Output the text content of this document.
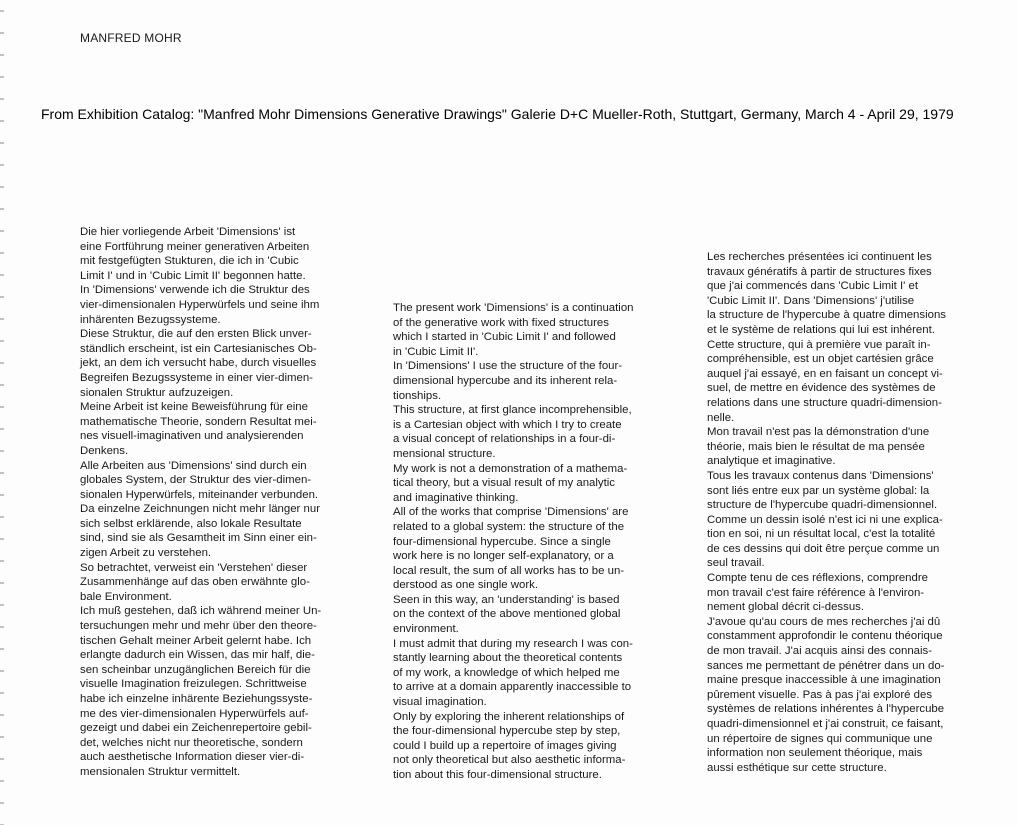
MANFRED MOHR
From Exhibition Catalog: "Manfred Mohr Dimensions Generative Drawings" Galerie D+C Mueller-Roth, Stuttgart, Germany, March 4 - April 29, 1979

Die hier vorliegende Arbeit 'Dimensions' ist

eine Fortführung meiner generativen Arbeiten

mit festgefügten Stukturen, die ich in 'Cubic

Limit I' und in 'Cubic Limit II' begonnen hatte.

In 'Dimensions' verwende ich die Struktur des

vier-dimensionalen Hyperwürfels und seine ihm

inhärenten Bezugssysteme.

Diese Struktur, die auf den ersten Blick unver-

ständlich erscheint, ist ein Cartesianisches Ob-

jekt, an dem ich versucht habe, durch visuelles

Begreifen Bezugssysteme in einer vier-dimen-

sionalen Struktur aufzuzeigen.

Meine Arbeit ist keine Beweisführung für eine

mathematische Theorie, sondern Resultat mei-

nes visuell-imaginativen und analysierenden

Denkens.

Alle Arbeiten aus 'Dimensions' sind durch ein

globales System, der Struktur des vier-dimen-

sionalen Hyperwürfels, miteinander verbunden.

Da einzelne Zeichnungen nicht mehr länger nur

sich selbst erklärende, also lokale Resultate

sind, sind sie als Gesamtheit im Sinn einer ein-

zigen Arbeit zu verstehen.

So betrachtet, verweist ein 'Verstehen' dieser

Zusammenhänge auf das oben erwähnte glo-

bale Environment.

Ich muß gestehen, daß ich während meiner Un-

tersuchungen mehr und mehr über den theore-

tischen Gehalt meiner Arbeit gelernt habe. Ich

erlangte dadurch ein Wissen, das mir half, die-

sen scheinbar unzugänglichen Bereich für die

visuelle Imagination freizulegen. Schrittweise

habe ich einzelne inhärente Beziehungssyste-

me des vier-dimensionalen Hyperwürfels auf-

gezeigt und dabei ein Zeichenrepertoire gebil-

det, welches nicht nur theoretische, sondern

auch aesthetische Information dieser vier-di-

mensionalen Struktur vermittelt.

The present work 'Dimensions' is a continuation

of the generative work with fixed structures

which I started in 'Cubic Limit I' and followed

in 'Cubic Limit II'.

In 'Dimensions' I use the structure of the four-

dimensional hypercube and its inherent rela-

tionships.

This structure, at first glance incomprehensible,

is a Cartesian object with which I try to create

a visual concept of relationships in a four-di-

mensional structure.

My work is not a demonstration of a mathema-

tical theory, but a visual result of my analytic

and imaginative thinking.

All of the works that comprise 'Dimensions' are

related to a global system: the structure of the

four-dimensional hypercube. Since a single

work here is no longer self-explanatory, or a

local result, the sum of all works has to be un-

derstood as one single work.

Seen in this way, an 'understanding' is based

on the context of the above mentioned global

environment.

I must admit that during my research I was con-

stantly learning about the theoretical contents

of my work, a knowledge of which helped me

to arrive at a domain apparently inaccessible to

visual imagination.

Only by exploring the inherent relationships of

the four-dimensional hypercube step by step,

could I build up a repertoire of images giving

not only theoretical but also aesthetic informa-

tion about this four-dimensional structure.

Les recherches présentées ici continuent les

travaux génératifs à partir de structures fixes

que j'ai commencés dans 'Cubic Limit I' et

'Cubic Limit II'. Dans 'Dimensions' j'utilise

la structure de l'hypercube à quatre dimensions

et le système de relations qui lui est inhérent.

Cette structure, qui à première vue paraît in-

compréhensible, est un objet cartésien grâce

auquel j'ai essayé, en en faisant un concept vi-

suel, de mettre en évidence des systèmes de

relations dans une structure quadri-dimension-

nelle.

Mon travail n'est pas la démonstration d'une

théorie, mais bien le résultat de ma pensée

analytique et imaginative.

Tous les travaux contenus dans 'Dimensions'

sont liés entre eux par un système global: la

structure de l'hypercube quadri-dimensionnel.

Comme un dessin isolé n'est ici ni une explica-

tion en soi, ni un résultat local, c'est la totalité

de ces dessins qui doit être perçue comme un

seul travail.

Compte tenu de ces réflexions, comprendre

mon travail c'est faire référence à l'environ-

nement global décrit ci-dessus.

J'avoue qu'au cours de mes recherches j'ai dû

constamment approfondir le contenu théorique

de mon travail. J'ai acquis ainsi des connais-

sances me permettant de pénétrer dans un do-

maine presque inaccessible à une imagination

pûrement visuelle. Pas à pas j'ai exploré des

systèmes de relations inhérentes à l'hypercube

quadri-dimensionnel et j'ai construit, ce faisant,

un répertoire de signes qui communique une

information non seulement théorique, mais

aussi esthétique sur cette structure.
